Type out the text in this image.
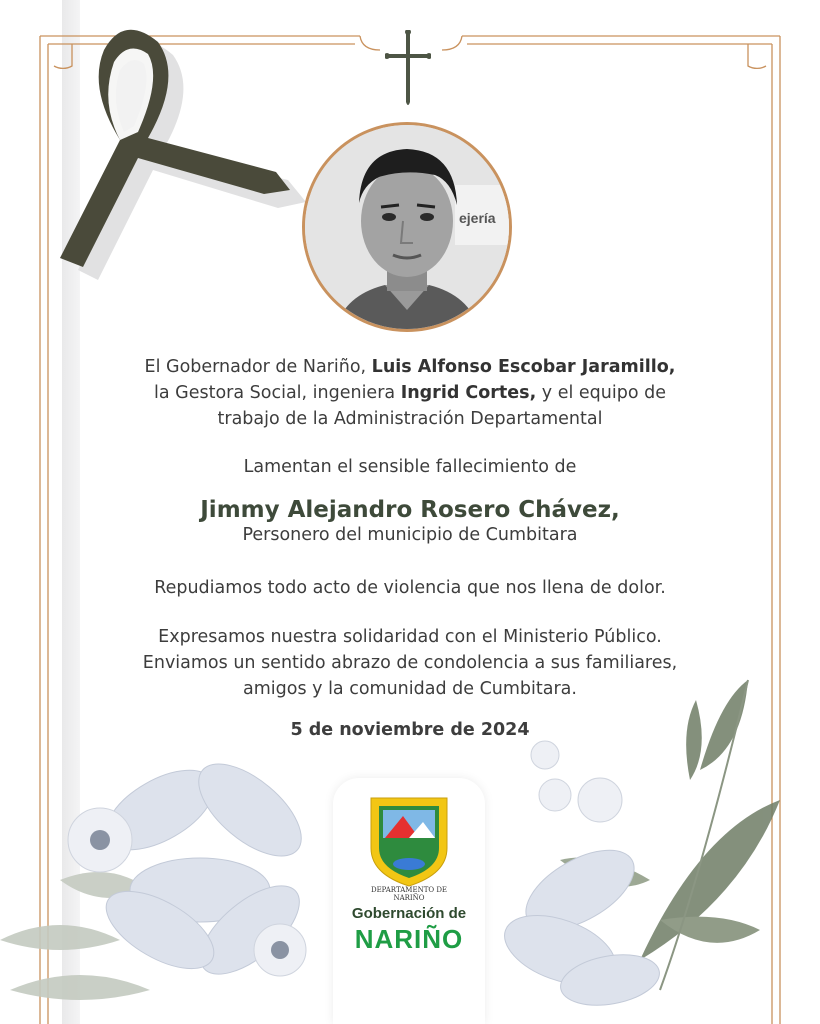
ejería
El Gobernador de Nariño, Luis Alfonso Escobar Jaramillo,
la Gestora Social, ingeniera Ingrid Cortes, y el equipo de
trabajo de la Administración Departamental
Lamentan el sensible fallecimiento de
Jimmy Alejandro Rosero Chávez,
Personero del municipio de Cumbitara
Repudiamos todo acto de violencia que nos llena de dolor.
Expresamos nuestra solidaridad con el Ministerio Público.
Enviamos un sentido abrazo de condolencia a sus familiares,
amigos y la comunidad de Cumbitara.
5 de noviembre de 2024
DEPARTAMENTO DE NARIÑO
Gobernación de
NARIÑO
